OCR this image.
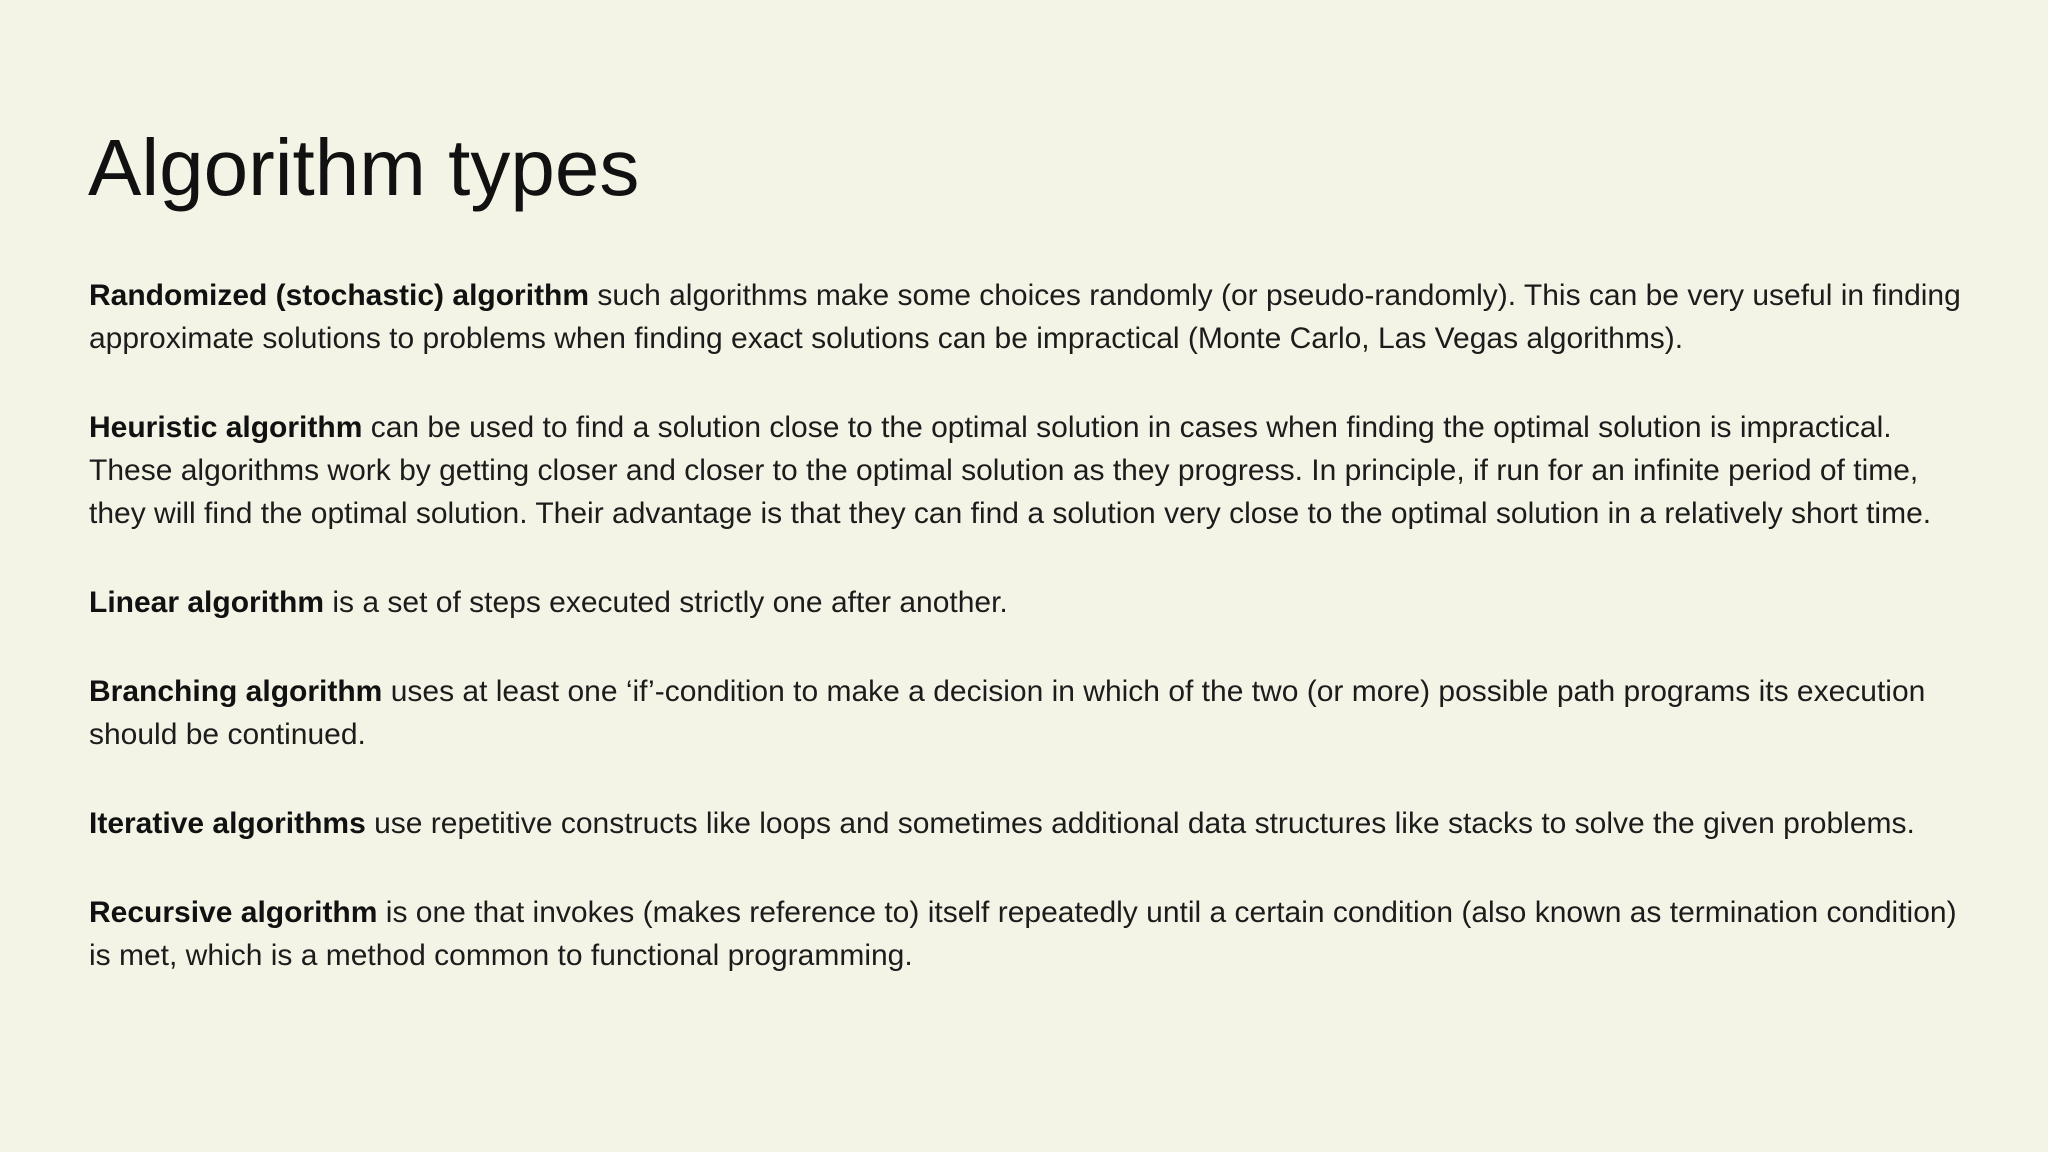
Algorithm types

Randomized (stochastic) algorithm such algorithms make some choices randomly (or pseudo-randomly). This can be very useful in finding approximate solutions to problems when finding exact solutions can be impractical (Monte Carlo, Las Vegas algorithms).

Heuristic algorithm can be used to find a solution close to the optimal solution in cases when finding the optimal solution is impractical. These algorithms work by getting closer and closer to the optimal solution as they progress. In principle, if run for an infinite period of time, they will find the optimal solution. Their advantage is that they can find a solution very close to the optimal solution in a relatively short time.

Linear algorithm is a set of steps executed strictly one after another.

Branching algorithm uses at least one ‘if’-condition to make a decision in which of the two (or more) possible path programs its execution should be continued.

Iterative algorithms use repetitive constructs like loops and sometimes additional data structures like stacks to solve the given problems.

Recursive algorithm is one that invokes (makes reference to) itself repeatedly until a certain condition (also known as termination condition) is met, which is a method common to functional programming.
